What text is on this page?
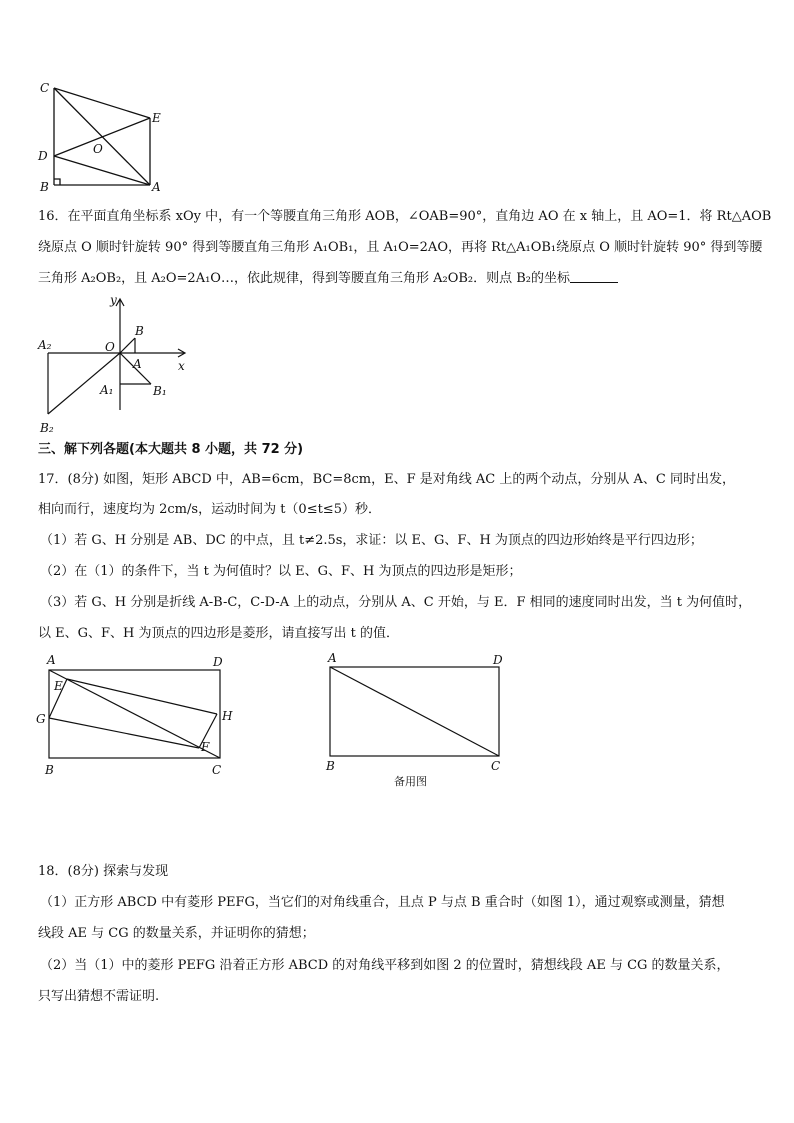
C
E
O
D
B	A
16．在平面直角坐标系 xOy 中，有一个等腰直角三角形 AOB，∠OAB=90°，直角边 AO 在 x 轴上，且 AO=1．将 Rt△AOB
绕原点 O 顺时针旋转 90° 得到等腰直角三角形 A₁OB₁，且 A₁O=2AO，再将 Rt△A₁OB₁绕原点 O 顺时针旋转 90° 得到等腰
三角形 A₂OB₂，且 A₂O=2A₁O…，依此规律，得到等腰直角三角形 A₂OB₂．则点 B₂的坐标
y
x
O
B
A
A₂
A₁	B₁
B₂
三、解下列各题(本大题共 8 小题，共 72 分)
17．(8分) 如图，矩形 ABCD 中，AB=6cm，BC=8cm，E、F 是对角线 AC 上的两个动点，分别从 A、C 同时出发，
相向而行，速度均为 2cm/s，运动时间为 t（0≤t≤5）秒．
（1）若 G、H 分别是 AB、DC 的中点，且 t≠2.5s，求证：以 E、G、F、H 为顶点的四边形始终是平行四边形；
（2）在（1）的条件下，当 t 为何值时？以 E、G、F、H 为顶点的四边形是矩形；
（3）若 G、H 分别是折线 A-B-C，C-D-A 上的动点，分别从 A、C 开始，与 E．F 相同的速度同时出发，当 t 为何值时，
以 E、G、F、H 为顶点的四边形是菱形，请直接写出 t 的值．
A	D
E
G	H
F
B	C
A	D
B	C
备用图
18．(8分) 探索与发现
（1）正方形 ABCD 中有菱形 PEFG，当它们的对角线重合，且点 P 与点 B 重合时（如图 1），通过观察或测量，猜想
线段 AE 与 CG 的数量关系，并证明你的猜想；
（2）当（1）中的菱形 PEFG 沿着正方形 ABCD 的对角线平移到如图 2 的位置时，猜想线段 AE 与 CG 的数量关系，
只写出猜想不需证明.
